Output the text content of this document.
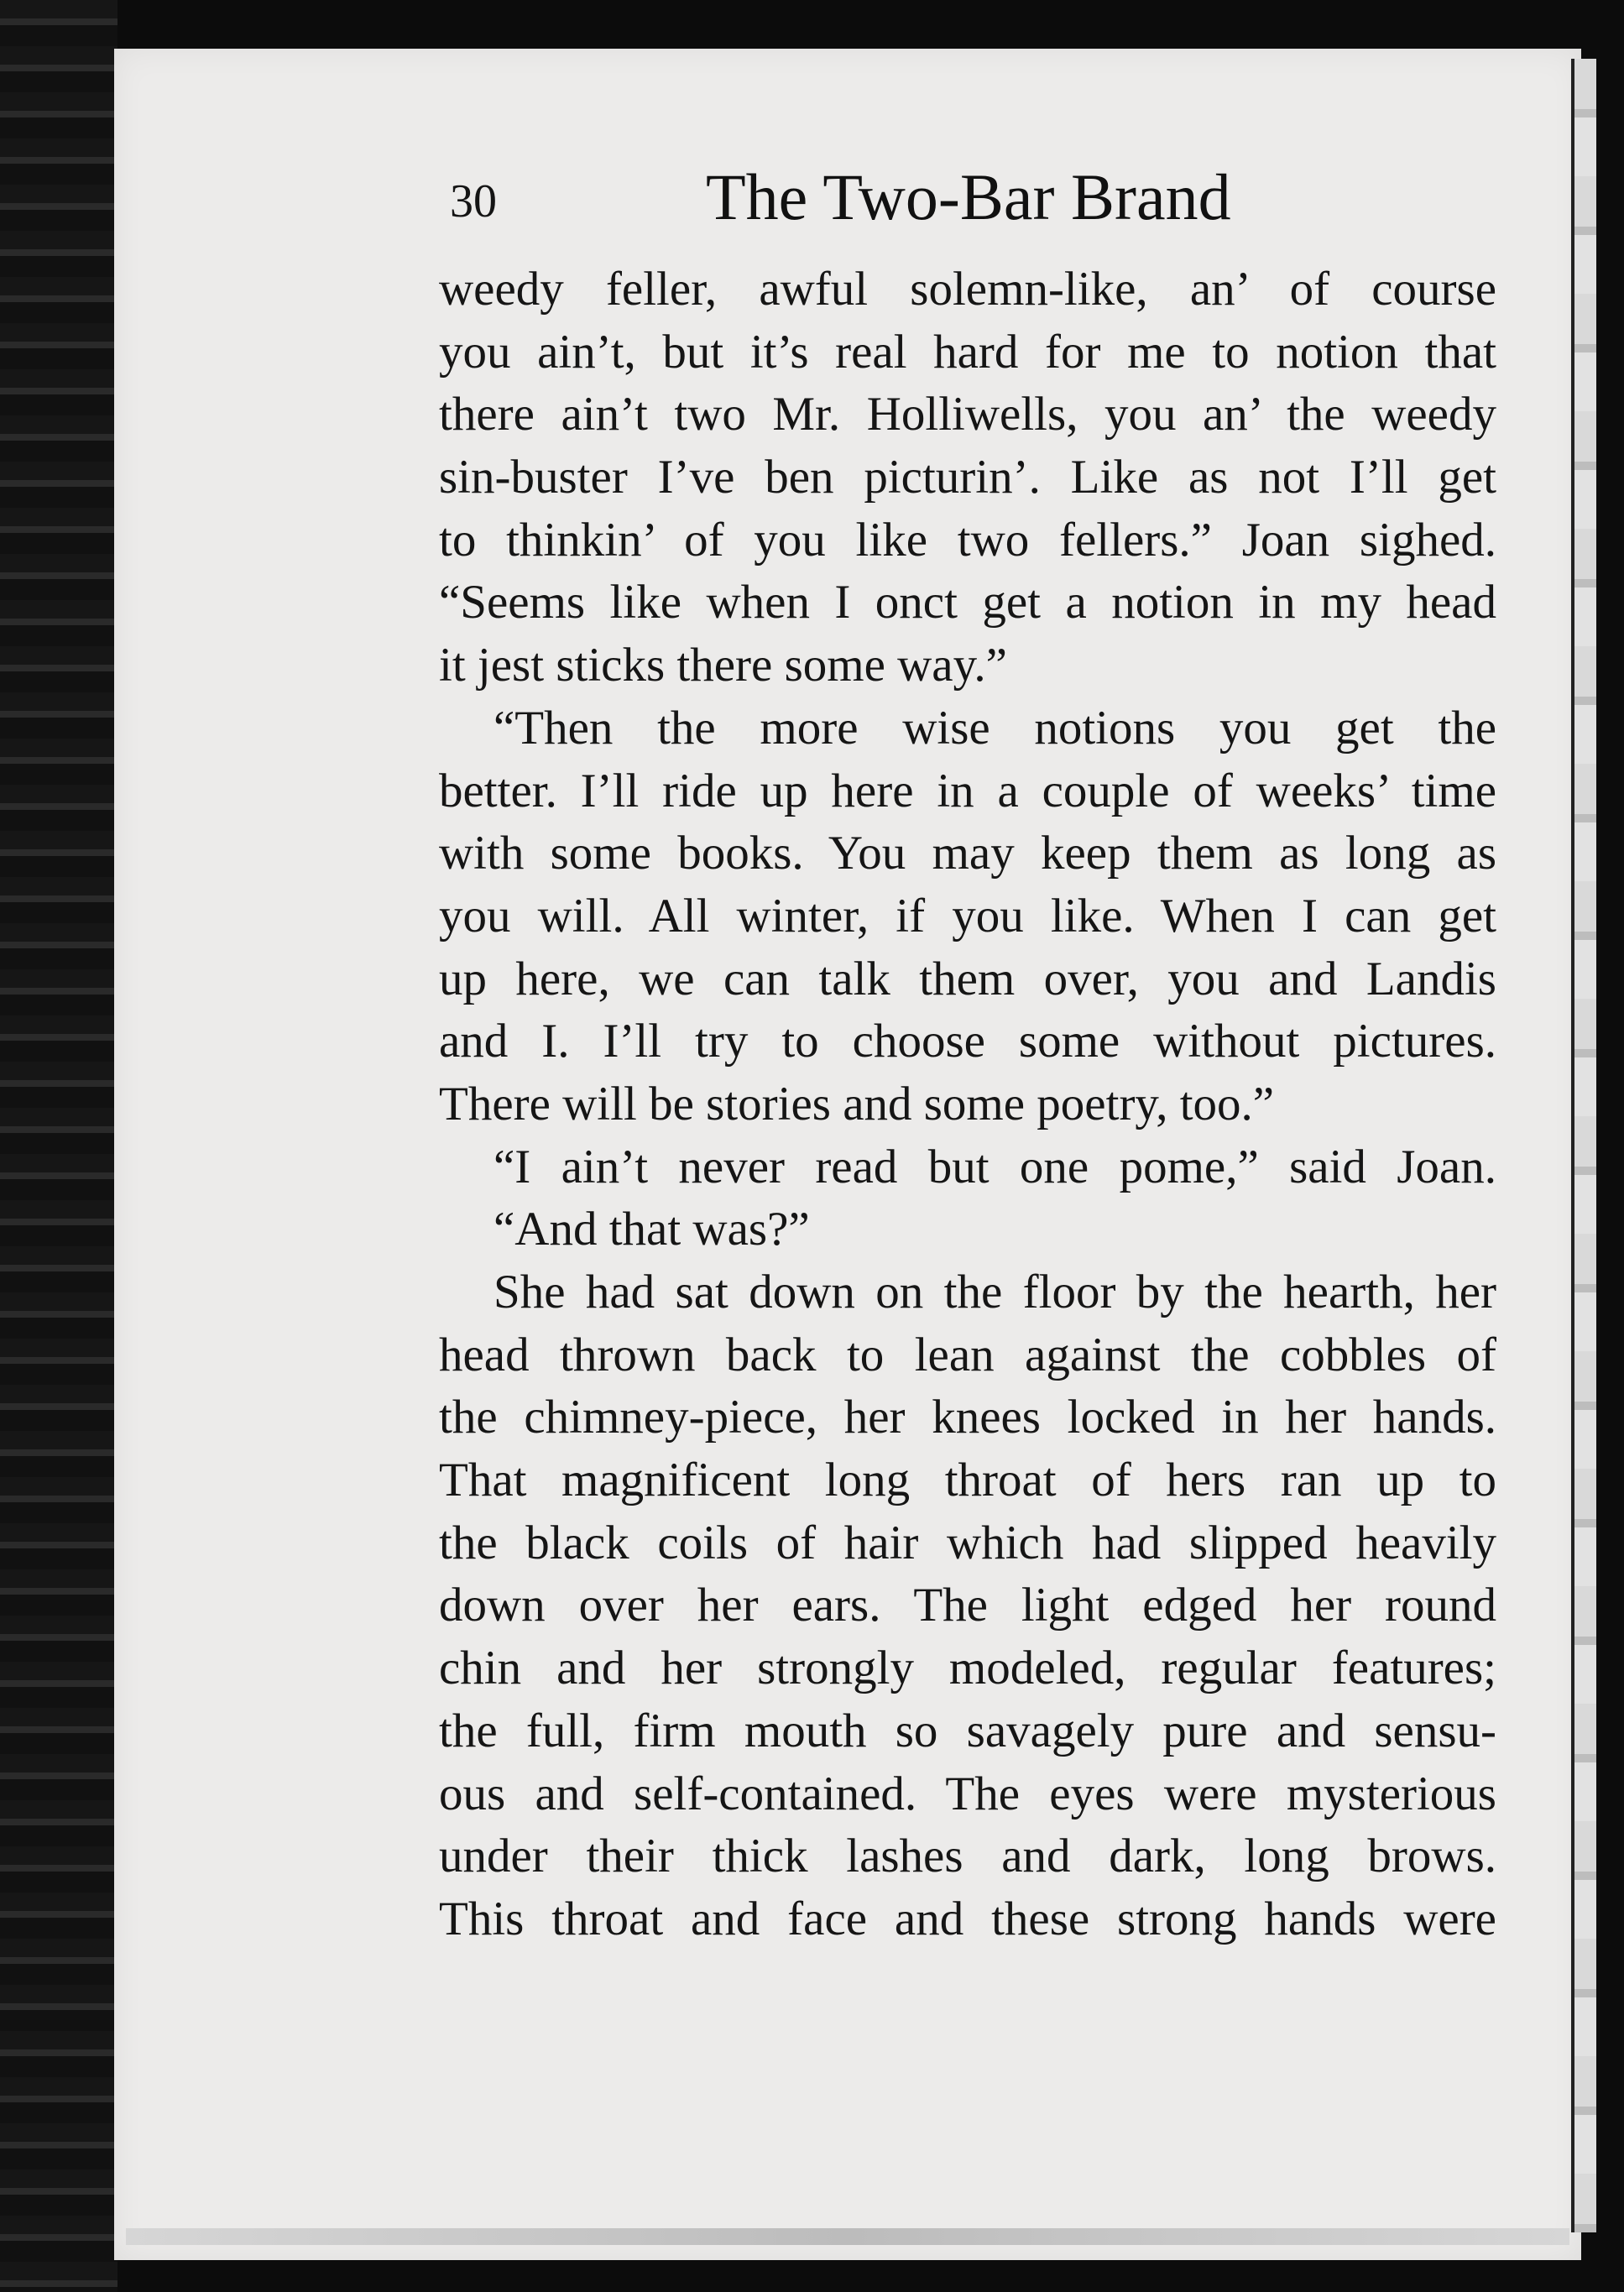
30	The Two-Bar Brand
weedy feller, awful solemn-like, an’ of course
you ain’t, but it’s real hard for me to notion that
there ain’t two Mr. Holliwells, you an’ the weedy
sin-buster I’ve ben picturin’. Like as not I’ll get
to thinkin’ of you like two fellers.” Joan sighed.
“Seems like when I onct get a notion in my head
it jest sticks there some way.”
“Then the more wise notions you get the
better. I’ll ride up here in a couple of weeks’ time
with some books. You may keep them as long as
you will. All winter, if you like. When I can get
up here, we can talk them over, you and Landis
and I. I’ll try to choose some without pictures.
There will be stories and some poetry, too.”
“I ain’t never read but one pome,” said Joan.
“And that was?”
She had sat down on the floor by the hearth, her
head thrown back to lean against the cobbles of
the chimney-piece, her knees locked in her hands.
That magnificent long throat of hers ran up to
the black coils of hair which had slipped heavily
down over her ears. The light edged her round
chin and her strongly modeled, regular features;
the full, firm mouth so savagely pure and sensu-
ous and self-contained. The eyes were mysterious
under their thick lashes and dark, long brows.
This throat and face and these strong hands were
